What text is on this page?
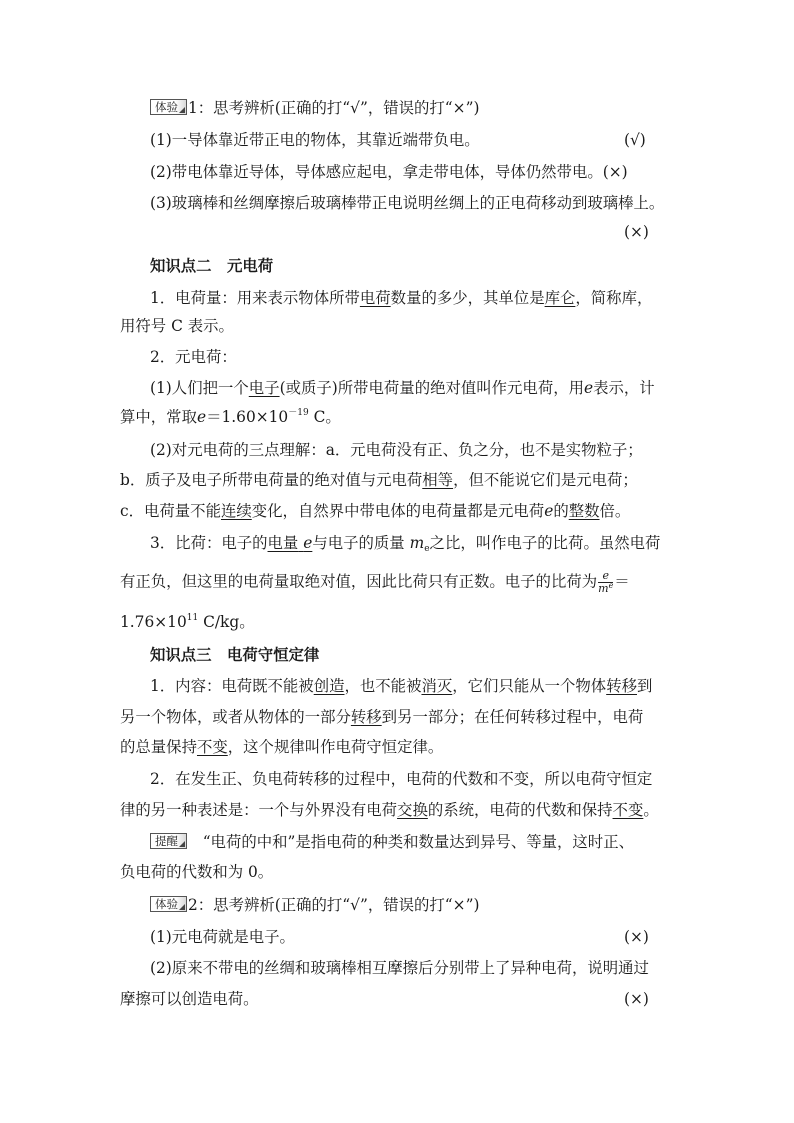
体验 1：思考辨析(正确的打“√”，错误的打“×”)
(1)一导体靠近带正电的物体，其靠近端带负电。	(√)
(2)带电体靠近导体，导体感应起电，拿走带电体，导体仍然带电。(×)
(3)玻璃棒和丝绸摩擦后玻璃棒带正电说明丝绸上的正电荷移动到玻璃棒上。
(×)
知识点二　元电荷
1．电荷量：用来表示物体所带电荷数量的多少，其单位是库仑，简称库，
用符号 C 表示。
2．元电荷：
(1)人们把一个电子(或质子)所带电荷量的绝对值叫作元电荷，用e表示，计
算中，常取$e=1.60\times 10^{-19}$ C。
(2)对元电荷的三点理解：a．元电荷没有正、负之分，也不是实物粒子；
b．质子及电子所带电荷量的绝对值与元电荷相等，但不能说它们是元电荷；
c．电荷量不能连续变化，自然界中带电体的电荷量都是元电荷e的整数倍。
3．比荷：电子的电量 e与电子的质量 $m_e$之比，叫作电子的比荷。虽然电荷
有正负，但这里的电荷量取绝对值，因此比荷只有正数。电子的比荷为 $\frac{e}{m^e}$ ＝
$1.76\times 10^{11}$ C/kg。
知识点三　电荷守恒定律
1．内容：电荷既不能被创造，也不能被消灭，它们只能从一个物体转移到
另一个物体，或者从物体的一部分转移到另一部分；在任何转移过程中，电荷
的总量保持不变，这个规律叫作电荷守恒定律。
2．在发生正、负电荷转移的过程中，电荷的代数和不变，所以电荷守恒定
律的另一种表述是：一个与外界没有电荷交换的系统，电荷的代数和保持不变。
提醒 “电荷的中和”是指电荷的种类和数量达到异号、等量，这时正、
负电荷的代数和为 0。
体验 2：思考辨析(正确的打“√”，错误的打“×”)
(1)元电荷就是电子。	(×)
(2)原来不带电的丝绸和玻璃棒相互摩擦后分别带上了异种电荷，说明通过
摩擦可以创造电荷。	(×)
